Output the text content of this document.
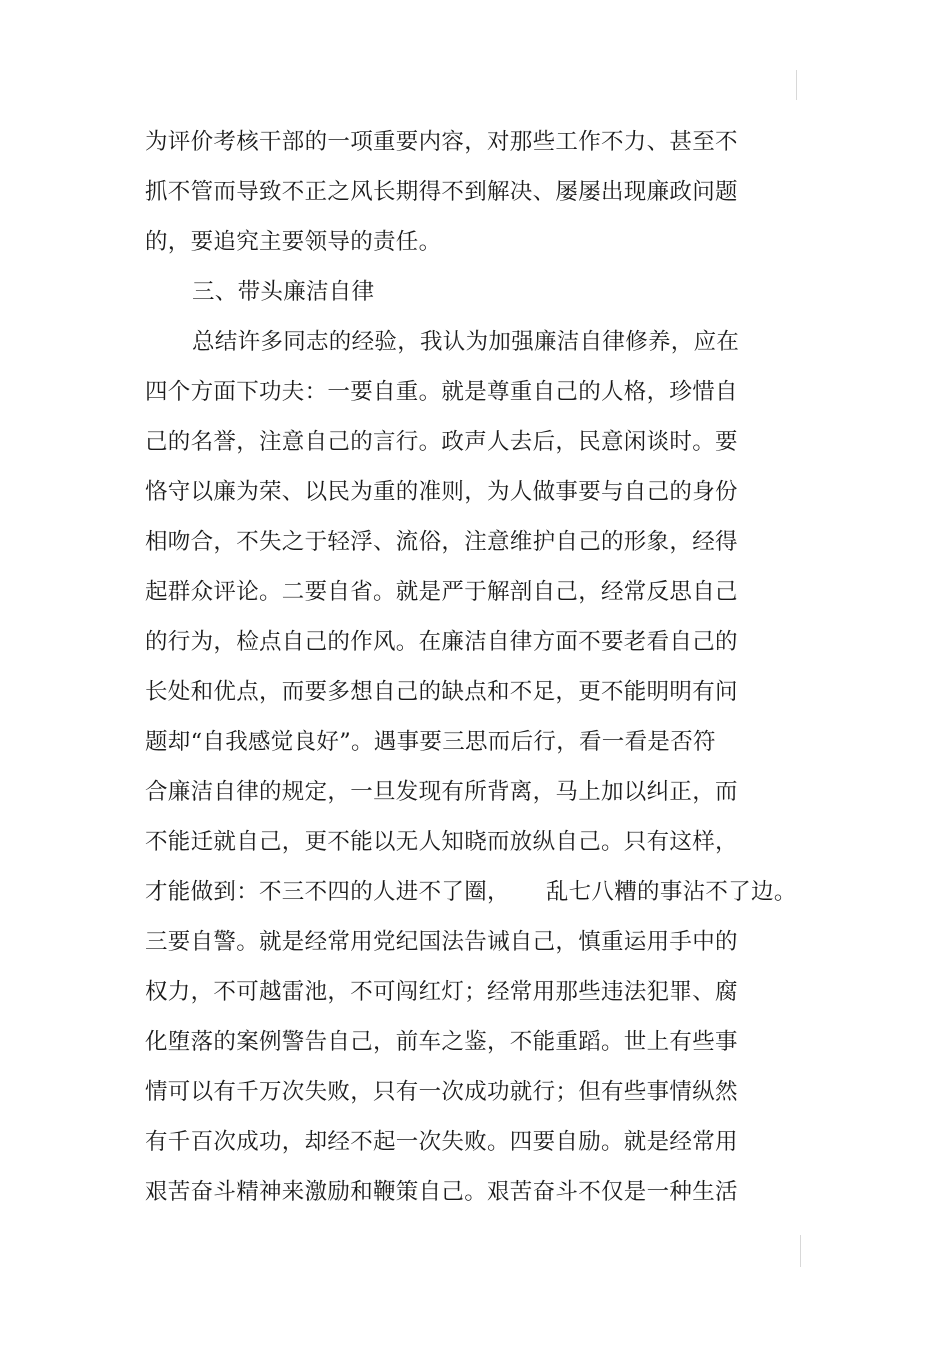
为评价考核干部的一项重要内容，对那些工作不力、甚至不
抓不管而导致不正之风长期得不到解决、屡屡出现廉政问题
的，要追究主要领导的责任。
三、带头廉洁自律
总结许多同志的经验，我认为加强廉洁自律修养，应在
四个方面下功夫：一要自重。就是尊重自己的人格，珍惜自
己的名誉，注意自己的言行。政声人去后，民意闲谈时。要
恪守以廉为荣、以民为重的准则，为人做事要与自己的身份
相吻合，不失之于轻浮、流俗，注意维护自己的形象，经得
起群众评论。二要自省。就是严于解剖自己，经常反思自己
的行为，检点自己的作风。在廉洁自律方面不要老看自己的
长处和优点，而要多想自己的缺点和不足，更不能明明有问
题却“自我感觉良好”。遇事要三思而后行，看一看是否符
合廉洁自律的规定，一旦发现有所背离，马上加以纠正，而
不能迁就自己，更不能以无人知晓而放纵自己。只有这样，
才能做到：不三不四的人进不了圈， 乱七八糟的事沾不了边。
三要自警。就是经常用党纪国法告诫自己，慎重运用手中的
权力，不可越雷池，不可闯红灯；经常用那些违法犯罪、腐
化堕落的案例警告自己，前车之鉴，不能重蹈。世上有些事
情可以有千万次失败，只有一次成功就行；但有些事情纵然
有千百次成功，却经不起一次失败。四要自励。就是经常用
艰苦奋斗精神来激励和鞭策自己。艰苦奋斗不仅是一种生活
